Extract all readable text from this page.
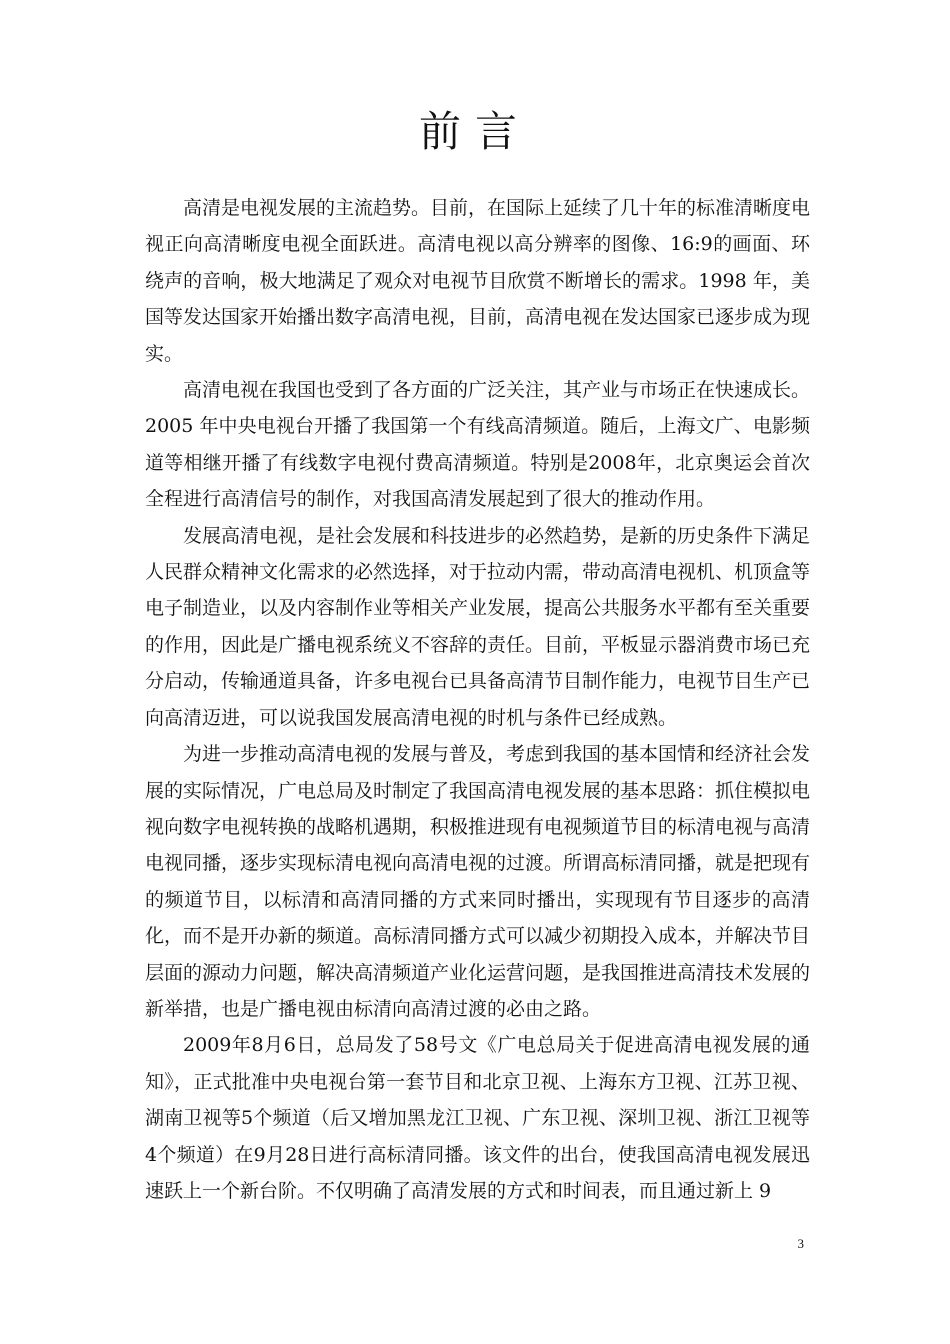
前言

高清是电视发展的主流趋势。目前，在国际上延续了几十年的标准清晰度电视正向高清晰度电视全面跃进。高清电视以高分辨率的图像、16:9的画面、环绕声的音响，极大地满足了观众对电视节目欣赏不断增长的需求。1998 年，美国等发达国家开始播出数字高清电视，目前，高清电视在发达国家已逐步成为现实。

高清电视在我国也受到了各方面的广泛关注，其产业与市场正在快速成长。2005 年中央电视台开播了我国第一个有线高清频道。随后，上海文广、电影频道等相继开播了有线数字电视付费高清频道。特别是2008年，北京奥运会首次全程进行高清信号的制作，对我国高清发展起到了很大的推动作用。

发展高清电视，是社会发展和科技进步的必然趋势，是新的历史条件下满足人民群众精神文化需求的必然选择，对于拉动内需，带动高清电视机、机顶盒等电子制造业，以及内容制作业等相关产业发展，提高公共服务水平都有至关重要的作用，因此是广播电视系统义不容辞的责任。目前，平板显示器消费市场已充分启动，传输通道具备，许多电视台已具备高清节目制作能力，电视节目生产已向高清迈进，可以说我国发展高清电视的时机与条件已经成熟。

为进一步推动高清电视的发展与普及，考虑到我国的基本国情和经济社会发展的实际情况，广电总局及时制定了我国高清电视发展的基本思路：抓住模拟电视向数字电视转换的战略机遇期，积极推进现有电视频道节目的标清电视与高清电视同播，逐步实现标清电视向高清电视的过渡。所谓高标清同播，就是把现有的频道节目，以标清和高清同播的方式来同时播出，实现现有节目逐步的高清化，而不是开办新的频道。高标清同播方式可以减少初期投入成本，并解决节目层面的源动力问题，解决高清频道产业化运营问题，是我国推进高清技术发展的新举措，也是广播电视由标清向高清过渡的必由之路。

2009年8月6日，总局发了58号文《广电总局关于促进高清电视发展的通知》，正式批准中央电视台第一套节目和北京卫视、上海东方卫视、江苏卫视、湖南卫视等5个频道（后又增加黑龙江卫视、广东卫视、深圳卫视、浙江卫视等4个频道）在9月28日进行高标清同播。该文件的出台，使我国高清电视发展迅速跃上一个新台阶。不仅明确了高清发展的方式和时间表，而且通过新上 9

3
